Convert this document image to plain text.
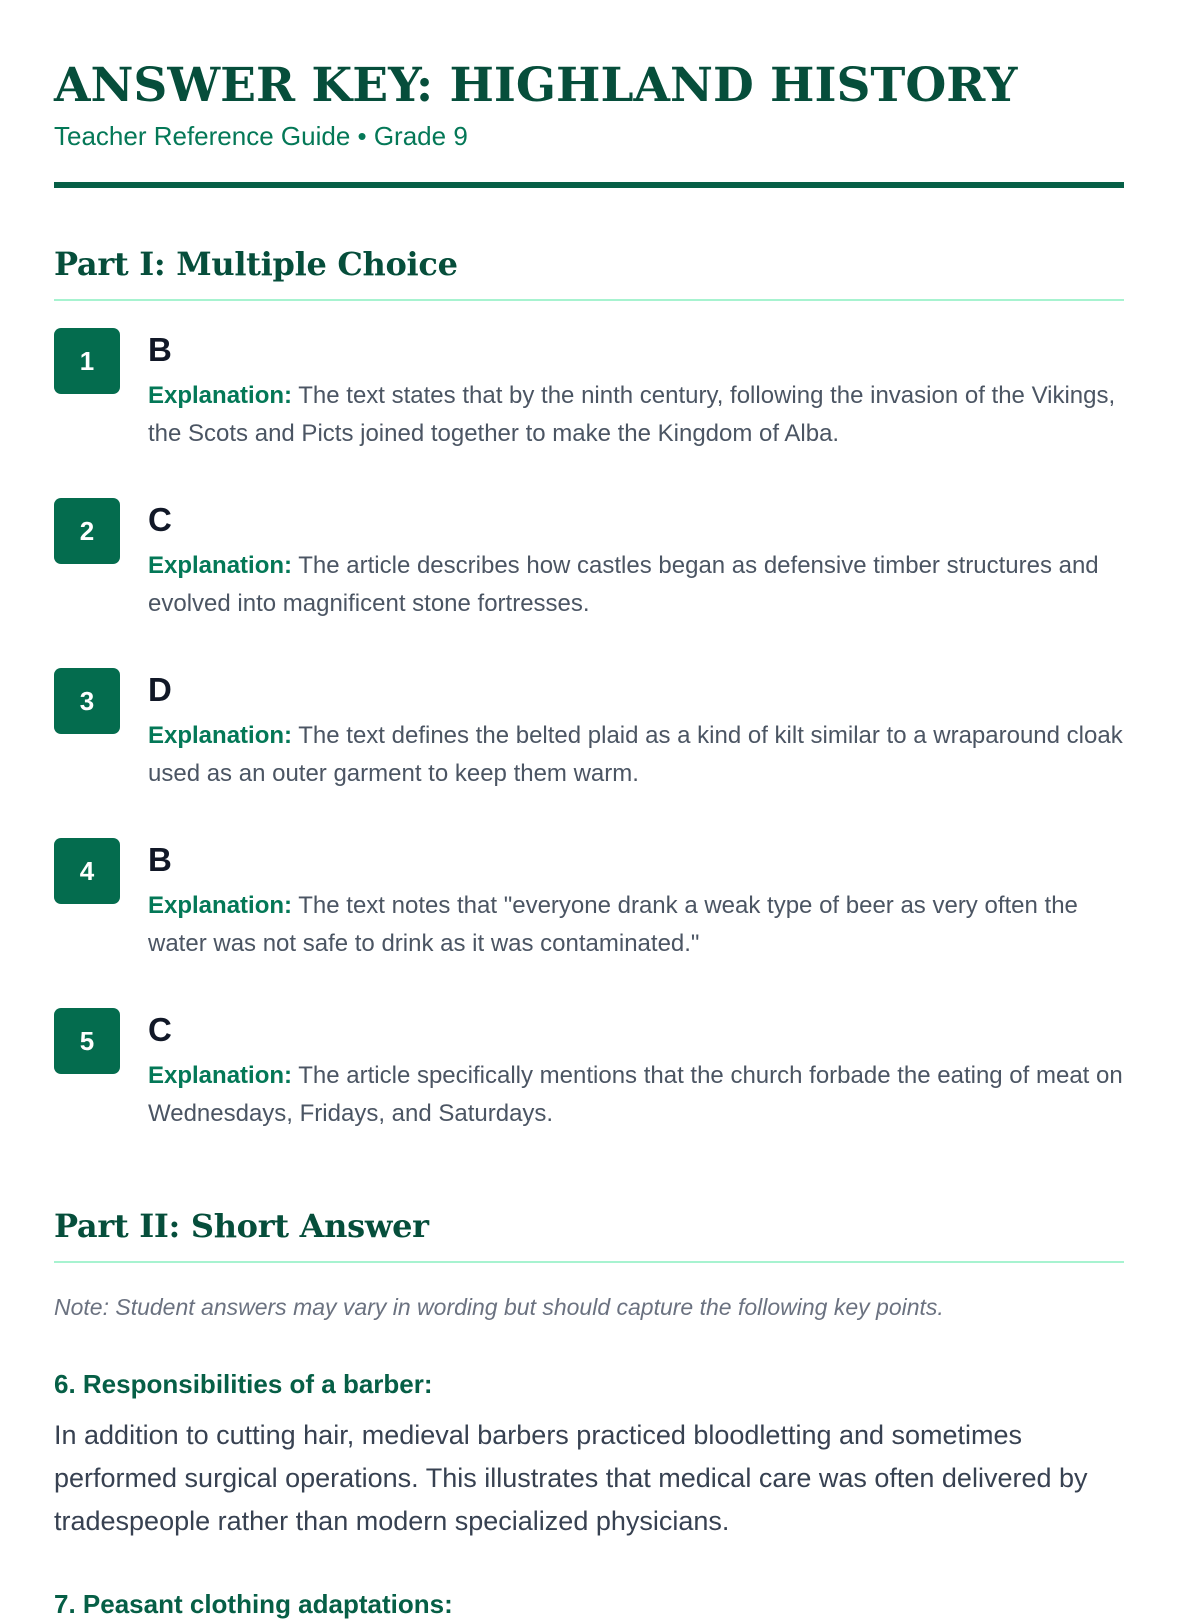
ANSWER KEY: HIGHLAND HISTORY
Teacher Reference Guide • Grade 9
Part I: Multiple Choice
1	B
Explanation: The text states that by the ninth century, following the invasion of the Vikings, the Scots and Picts joined together to make the Kingdom of Alba.
2	C
Explanation: The article describes how castles began as defensive timber structures and evolved into magnificent stone fortresses.
3	D
Explanation: The text defines the belted plaid as a kind of kilt similar to a wraparound cloak used as an outer garment to keep them warm.
4	B
Explanation: The text notes that "everyone drank a weak type of beer as very often the water was not safe to drink as it was contaminated."
5	C
Explanation: The article specifically mentions that the church forbade the eating of meat on Wednesdays, Fridays, and Saturdays.
Part II: Short Answer
Note: Student answers may vary in wording but should capture the following key points.
6. Responsibilities of a barber:
In addition to cutting hair, medieval barbers practiced bloodletting and sometimes performed surgical operations. This illustrates that medical care was often delivered by tradespeople rather than modern specialized physicians.
7. Peasant clothing adaptations:
